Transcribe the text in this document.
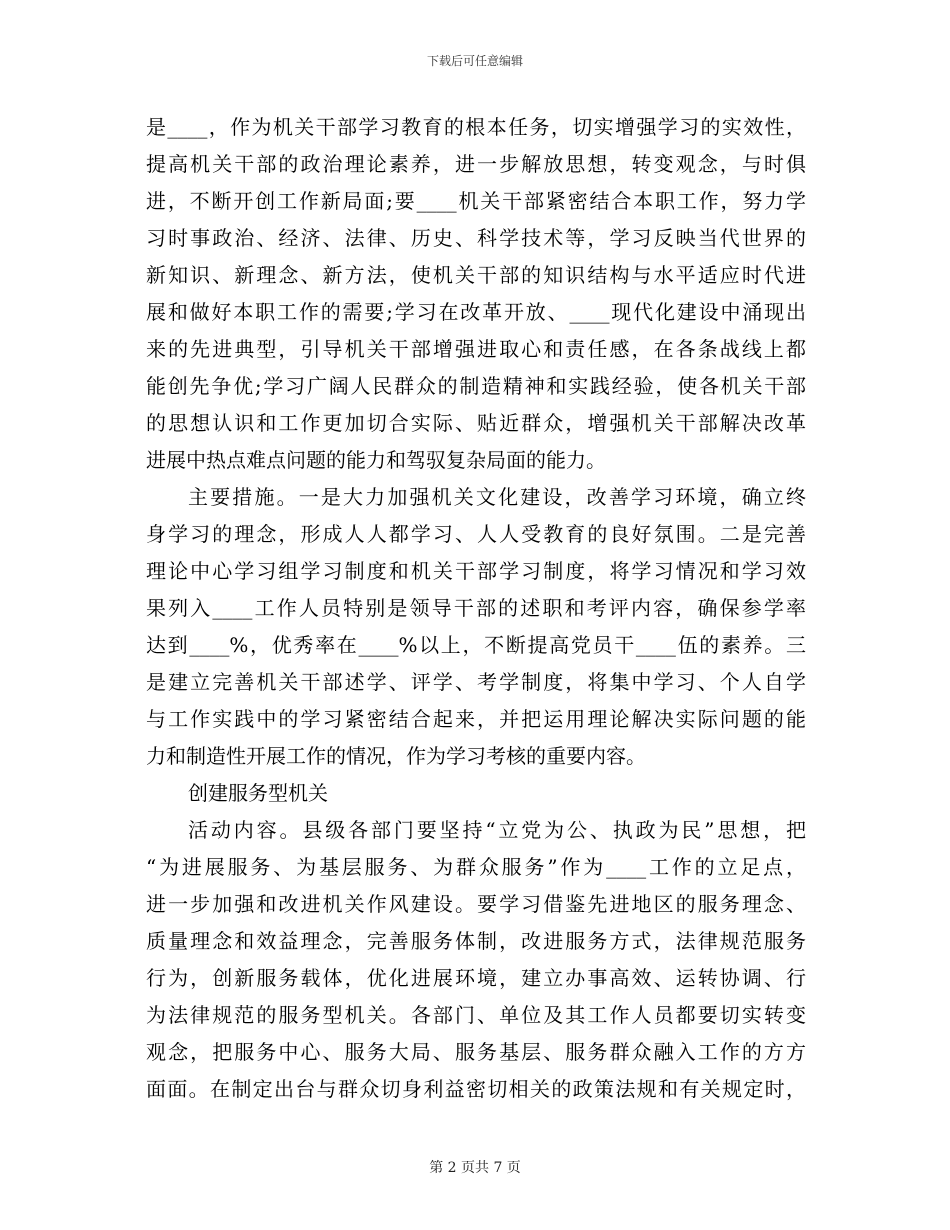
下载后可任意编辑
是____，作为机关干部学习教育的根本任务，切实增强学习的实效性，
提高机关干部的政治理论素养，进一步解放思想，转变观念，与时俱
进，不断开创工作新局面;要____机关干部紧密结合本职工作，努力学
习时事政治、经济、法律、历史、科学技术等，学习反映当代世界的
新知识、新理念、新方法，使机关干部的知识结构与水平适应时代进
展和做好本职工作的需要;学习在改革开放、____现代化建设中涌现出
来的先进典型，引导机关干部增强进取心和责任感，在各条战线上都
能创先争优;学习广阔人民群众的制造精神和实践经验，使各机关干部
的思想认识和工作更加切合实际、贴近群众，增强机关干部解决改革
进展中热点难点问题的能力和驾驭复杂局面的能力。
主要措施。一是大力加强机关文化建设，改善学习环境，确立终
身学习的理念，形成人人都学习、人人受教育的良好氛围。二是完善
理论中心学习组学习制度和机关干部学习制度，将学习情况和学习效
果列入____工作人员特别是领导干部的述职和考评内容，确保参学率
达到____%，优秀率在____%以上，不断提高党员干____伍的素养。三
是建立完善机关干部述学、评学、考学制度，将集中学习、个人自学
与工作实践中的学习紧密结合起来，并把运用理论解决实际问题的能
力和制造性开展工作的情况，作为学习考核的重要内容。
创建服务型机关
活动内容。县级各部门要坚持“立党为公、执政为民”思想，把
“为进展服务、为基层服务、为群众服务”作为____工作的立足点，
进一步加强和改进机关作风建设。要学习借鉴先进地区的服务理念、
质量理念和效益理念，完善服务体制，改进服务方式，法律规范服务
行为，创新服务载体，优化进展环境，建立办事高效、运转协调、行
为法律规范的服务型机关。各部门、单位及其工作人员都要切实转变
观念，把服务中心、服务大局、服务基层、服务群众融入工作的方方
面面。在制定出台与群众切身利益密切相关的政策法规和有关规定时，
第 2 页共 7 页
